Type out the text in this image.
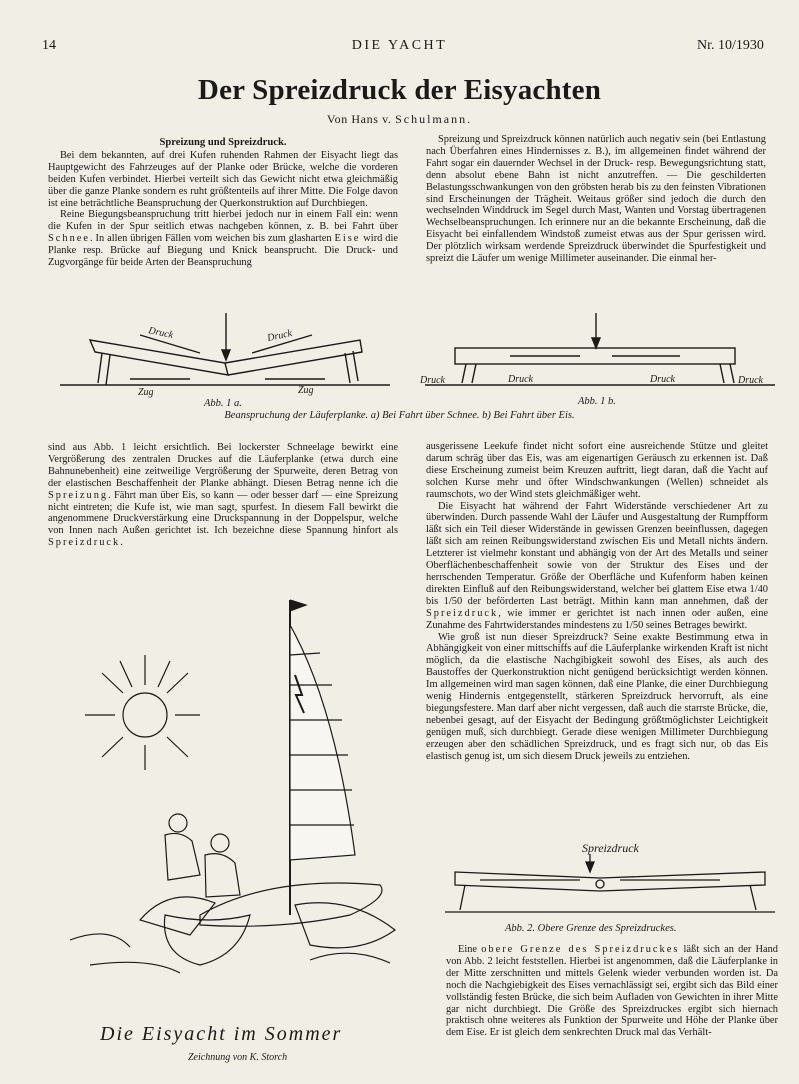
14	DIE YACHT	Nr. 10/1930
Der Spreizdruck der Eisyachten
Von Hans v. Schulmann.
Spreizung und Spreizdruck.

Bei dem bekannten, auf drei Kufen ruhenden Rahmen der Eisyacht liegt das Hauptgewicht des Fahrzeuges auf der Planke oder Brücke, welche die vorderen beiden Kufen verbindet. Hierbei verteilt sich das Gewicht nicht etwa gleichmäßig über die ganze Planke sondern es ruht größtenteils auf ihrer Mitte. Die Folge davon ist eine beträchtliche Beanspruchung der Querkonstruktion auf Durchbiegen.

Reine Biegungsbeanspruchung tritt hierbei jedoch nur in einem Fall ein: wenn die Kufen in der Spur seitlich etwas nachgeben können, z. B. bei Fahrt über Schnee. In allen übrigen Fällen vom weichen bis zum glasharten Eise wird die Planke resp. Brücke auf Biegung und Knick beansprucht. Die Druck- und Zugvorgänge für beide Arten der Beanspruchung

Spreizung und Spreizdruck können natürlich auch negativ sein (bei Entlastung nach Überfahren eines Hindernisses z. B.), im allgemeinen findet während der Fahrt sogar ein dauernder Wechsel in der Druck- resp. Bewegungsrichtung statt, denn absolut ebene Bahn ist nicht anzutreffen. — Die geschilderten Belastungsschwankungen von den gröbsten herab bis zu den feinsten Vibrationen sind Erscheinungen der Trägheit. Weitaus größer sind jedoch die durch den wechselnden Winddruck im Segel durch Mast, Wanten und Vorstag übertragenen Wechselbeanspruchungen. Ich erinnere nur an die bekannte Erscheinung, daß die Eisyacht bei einfallendem Windstoß zumeist etwas aus der Spur gerissen wird. Der plötzlich wirksam werdende Spreizdruck überwindet die Spurfestigkeit und spreizt die Läufer um wenige Millimeter auseinander. Die einmal her-

Druck	Druck
Zug	Zug
Druck	Druck	Druck	Druck
Abb. 1 a.	Abb. 1 b.
Beanspruchung der Läuferplanke. a) Bei Fahrt über Schnee. b) Bei Fahrt über Eis.

sind aus Abb. 1 leicht ersichtlich. Bei lockerster Schneelage bewirkt eine Vergrößerung des zentralen Druckes auf die Läuferplanke (etwa durch eine Bahnunebenheit) eine zeitweilige Vergrößerung der Spurweite, deren Betrag von der elastischen Beschaffenheit der Planke abhängt. Diesen Betrag nenne ich die Spreizung. Fährt man über Eis, so kann — oder besser darf — eine Spreizung nicht eintreten; die Kufe ist, wie man sagt, spurfest. In diesem Fall bewirkt die angenommene Druckverstärkung eine Druckspannung in der Doppelspur, welche von Innen nach Außen gerichtet ist. Ich bezeichne diese Spannung hinfort als Spreizdruck.

Die Eisyacht im Sommer
Zeichnung von K. Storch

ausgerissene Leekufe findet nicht sofort eine ausreichende Stütze und gleitet darum schräg über das Eis, was am eigenartigen Geräusch zu erkennen ist. Daß diese Erscheinung zumeist beim Kreuzen auftritt, liegt daran, daß die Yacht auf solchen Kurse mehr und öfter Windschwankungen (Wellen) schneidet als raumschots, wo der Wind stets gleichmäßiger weht.

Die Eisyacht hat während der Fahrt Widerstände verschiedener Art zu überwinden. Durch passende Wahl der Läufer und Ausgestaltung der Rumpfform läßt sich ein Teil dieser Widerstände in gewissen Grenzen beeinflussen, dagegen läßt sich am reinen Reibungswiderstand zwischen Eis und Metall nichts ändern. Letzterer ist vielmehr konstant und abhängig von der Art des Metalls und seiner Oberflächenbeschaffenheit sowie von der Struktur des Eises und der herrschenden Temperatur. Größe der Oberfläche und Kufenform haben keinen direkten Einfluß auf den Reibungswiderstand, welcher bei glattem Eise etwa 1/40 bis 1/50 der beförderten Last beträgt. Mithin kann man annehmen, daß der Spreizdruck, wie immer er gerichtet ist nach innen oder außen, eine Zunahme des Fahrtwiderstandes mindestens zu 1/50 seines Betrages bewirkt.

Wie groß ist nun dieser Spreizdruck? Seine exakte Bestimmung etwa in Abhängigkeit von einer mittschiffs auf die Läuferplanke wirkenden Kraft ist nicht möglich, da die elastische Nachgibigkeit sowohl des Eises, als auch des Baustoffes der Querkonstruktion nicht genügend berücksichtigt werden können. Im allgemeinen wird man sagen können, daß eine Planke, die einer Durchbiegung wenig Hindernis entgegenstellt, stärkeren Spreizdruck hervorruft, als eine biegungsfestere. Man darf aber nicht vergessen, daß auch die starrste Brücke, die, nebenbei gesagt, auf der Eisyacht der Bedingung größtmöglichster Leichtigkeit genügen muß, sich durchbiegt. Gerade diese wenigen Millimeter Durchbiegung erzeugen aber den schädlichen Spreizdruck, und es fragt sich nur, ob das Eis elastisch genug ist, um sich diesem Druck jeweils zu entziehen.

Spreizdruck
Abb. 2. Obere Grenze des Spreizdruckes.

Eine obere Grenze des Spreizdruckes läßt sich an der Hand von Abb. 2 leicht feststellen. Hierbei ist angenommen, daß die Läuferplanke in der Mitte zerschnitten und mittels Gelenk wieder verbunden worden ist. Da noch die Nachgiebigkeit des Eises vernachlässigt sei, ergibt sich das Bild einer vollständig festen Brücke, die sich beim Aufladen von Gewichten in ihrer Mitte gar nicht durchbiegt. Die Größe des Spreizdruckes ergibt sich hiernach praktisch ohne weiteres als Funktion der Spurweite und Höhe der Planke über dem Eise. Er ist gleich dem senkrechten Druck mal das Verhält-
